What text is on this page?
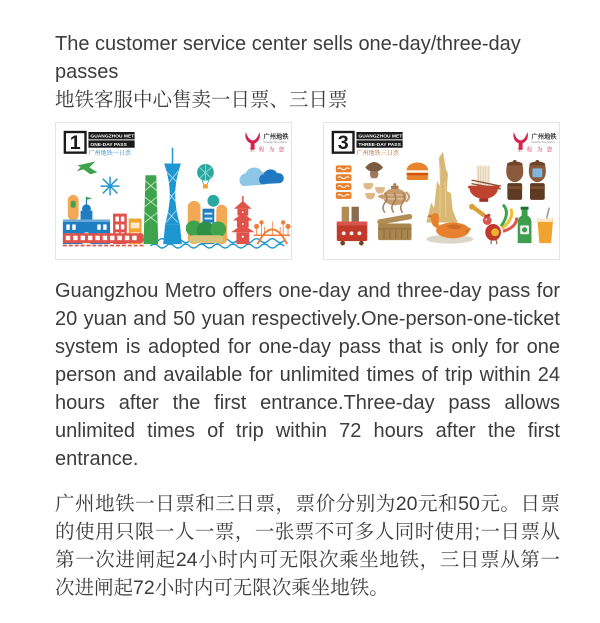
The customer service center sells one-day/three-day passes
地铁客服中心售卖一日票、三日票
1 GUANGZHOU METRO
ONE-DAY PASS
广州地铁一日票
广州地铁
Guangzhou Metro
全程为您 3 GUANGZHOU METRO
THREE-DAY PASS
广州地铁三日票
广州地铁
Guangzhou Metro
全程为您

Guangzhou Metro offers one-day and three-day pass for 20 yuan and 50 yuan respectively.One-person-one-ticket system is adopted for one-day pass that is only for one person and available for unlimited times of trip within 24 hours after the first entrance.Three-day pass allows unlimited times of trip within 72 hours after the first entrance.

广州地铁一日票和三日票，票价分别为20元和50元。日票的使用只限一人一票，一张票不可多人同时使用;一日票从第一次进闸起24小时内可无限次乘坐地铁，三日票从第一次进闸起72小时内可无限次乘坐地铁。
